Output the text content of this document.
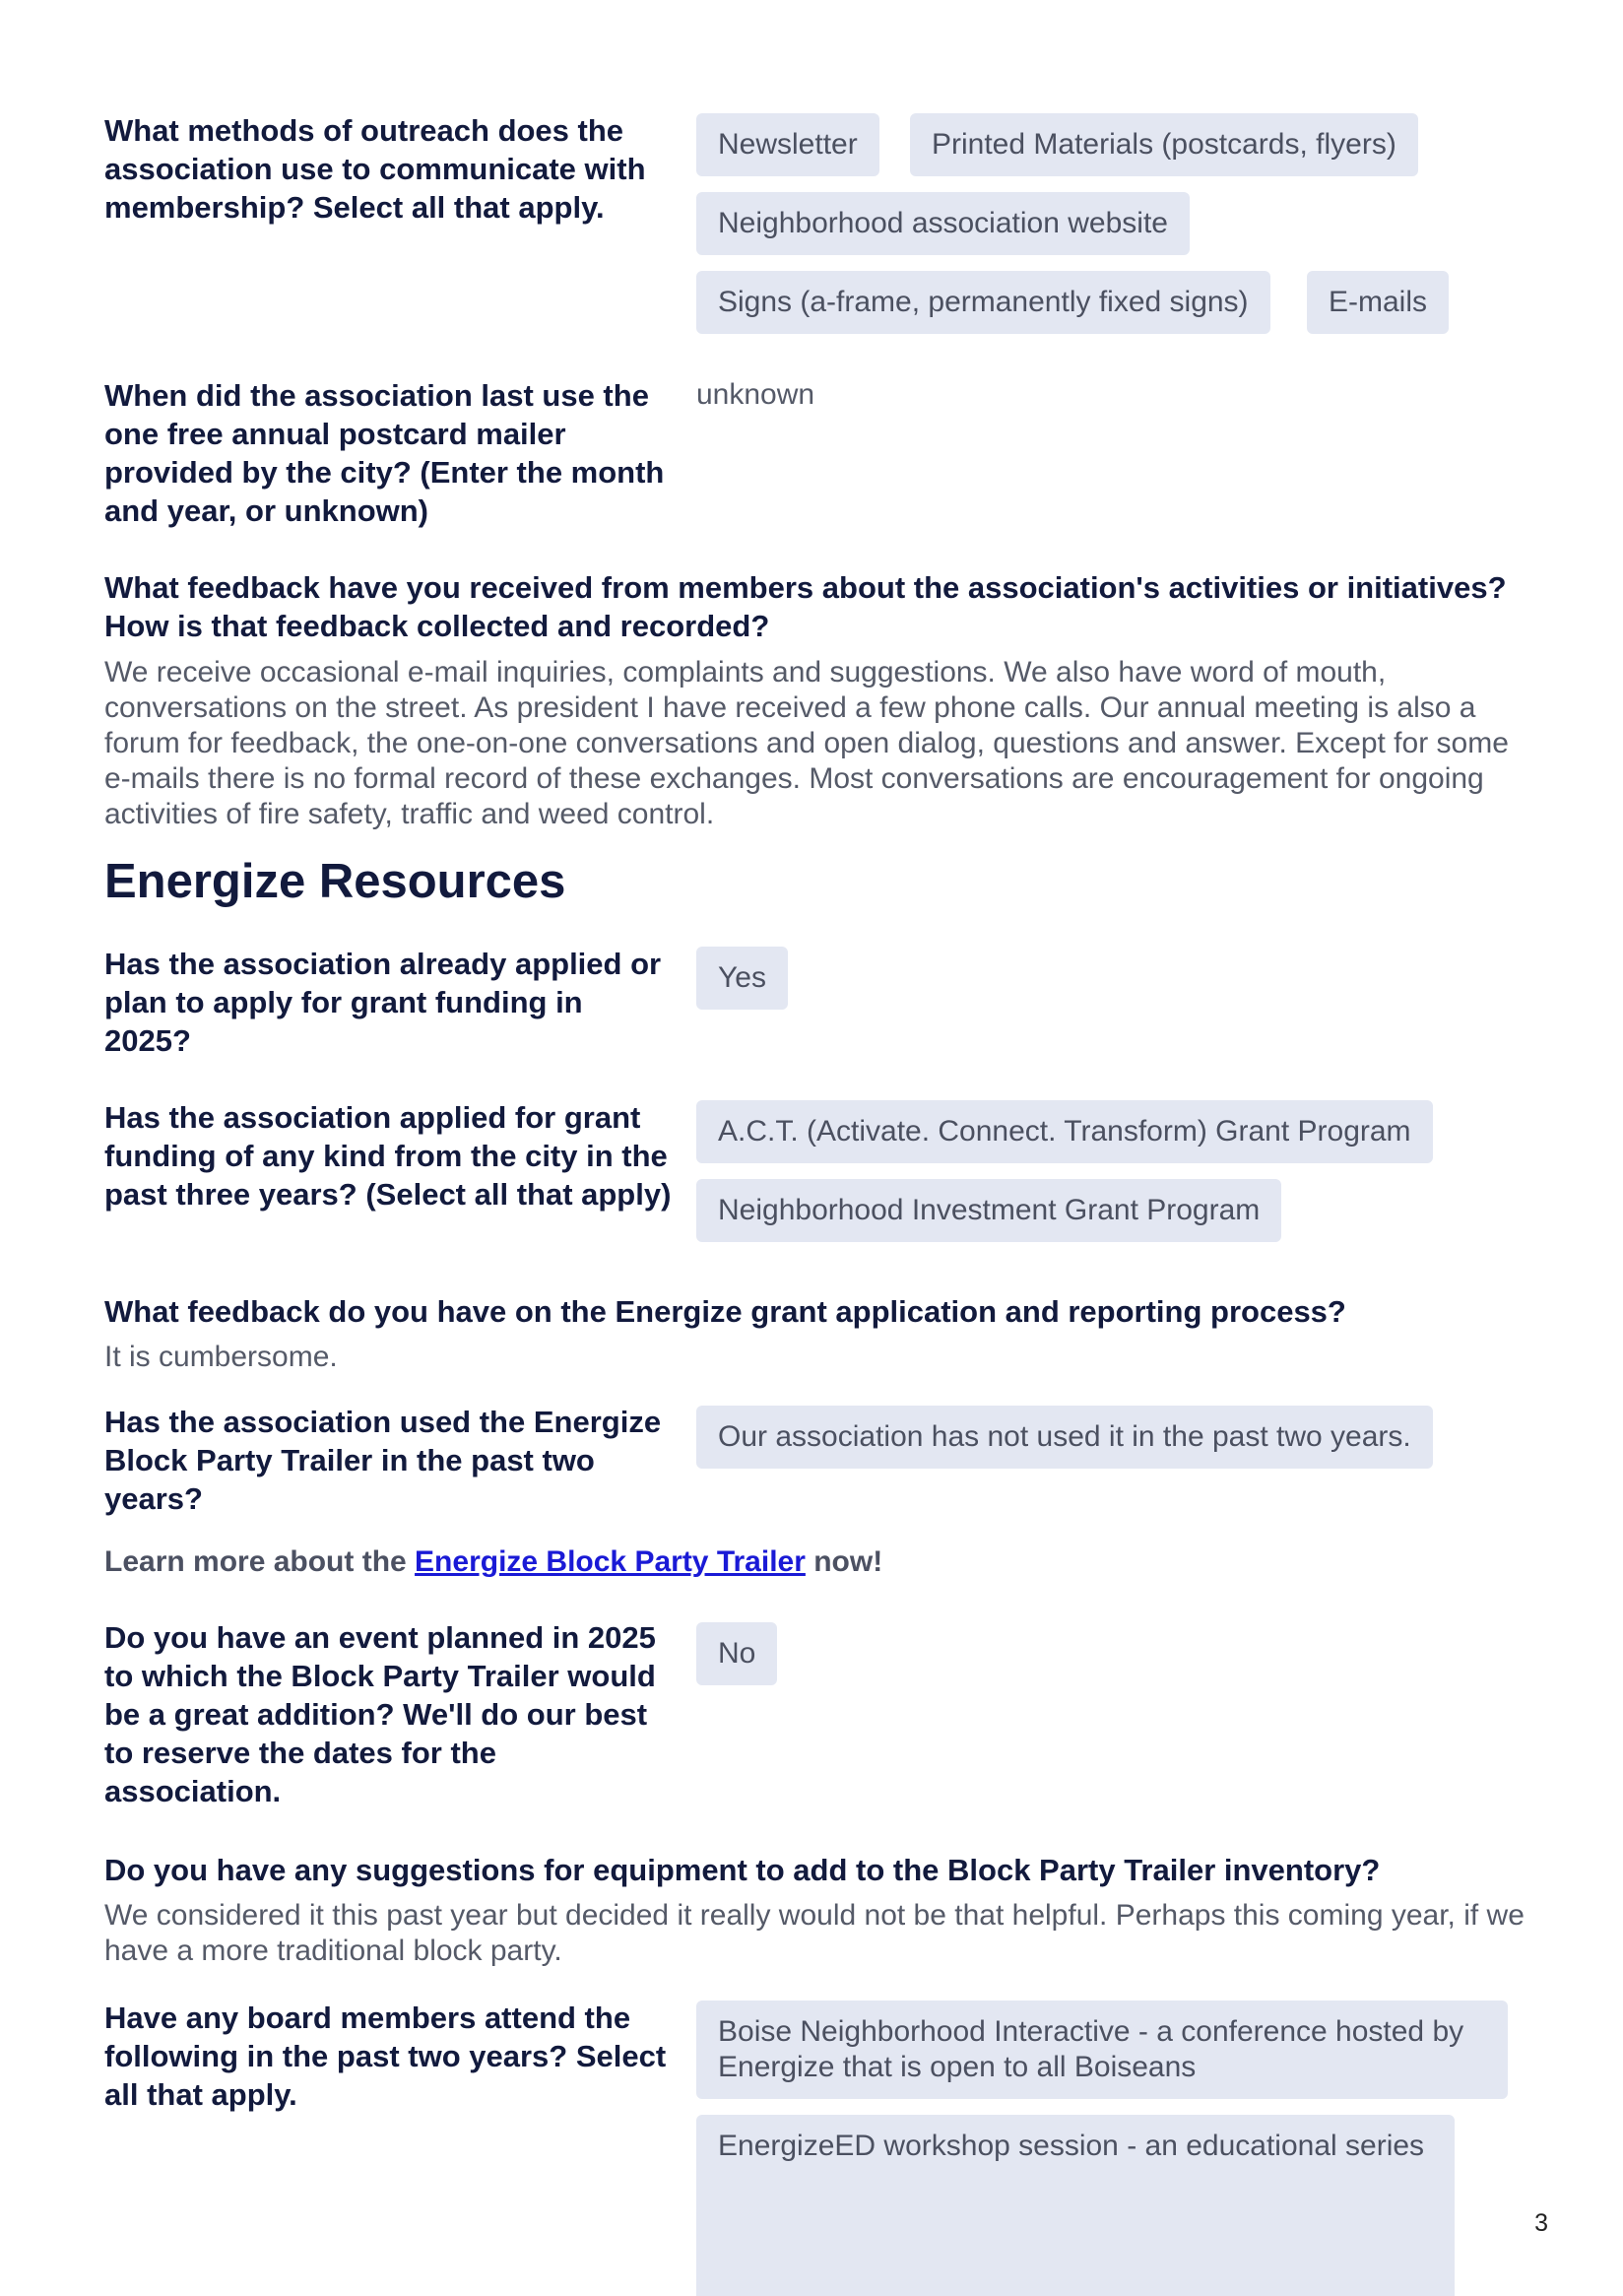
What methods of outreach does the association use to communicate with membership? Select all that apply.

Newsletter	Printed Materials (postcards, flyers)
Neighborhood association website
Signs (a-frame, permanently fixed signs)	E-mails

When did the association last use the one free annual postcard mailer provided by the city? (Enter the month and year, or unknown)

unknown

What feedback have you received from members about the association's activities or initiatives? How is that feedback collected and recorded?

We receive occasional e-mail inquiries, complaints and suggestions. We also have word of mouth, conversations on the street. As president I have received a few phone calls. Our annual meeting is also a forum for feedback, the one-on-one conversations and open dialog, questions and answer. Except for some e-mails there is no formal record of these exchanges. Most conversations are encouragement for ongoing activities of fire safety, traffic and weed control.

Energize Resources

Has the association already applied or plan to apply for grant funding in 2025?

Yes

Has the association applied for grant funding of any kind from the city in the past three years? (Select all that apply)

A.C.T. (Activate. Connect. Transform) Grant Program
Neighborhood Investment Grant Program

What feedback do you have on the Energize grant application and reporting process?

It is cumbersome.

Has the association used the Energize Block Party Trailer in the past two years?

Our association has not used it in the past two years.
Learn more about the Energize Block Party Trailer now!

Do you have an event planned in 2025 to which the Block Party Trailer would be a great addition? We'll do our best to reserve the dates for the association.

No

Do you have any suggestions for equipment to add to the Block Party Trailer inventory?

We considered it this past year but decided it really would not be that helpful. Perhaps this coming year, if we have a more traditional block party.

Have any board members attend the following in the past two years? Select all that apply.

Boise Neighborhood Interactive - a conference hosted by Energize that is open to all Boiseans
EnergizeED workshop session - an educational series
3
